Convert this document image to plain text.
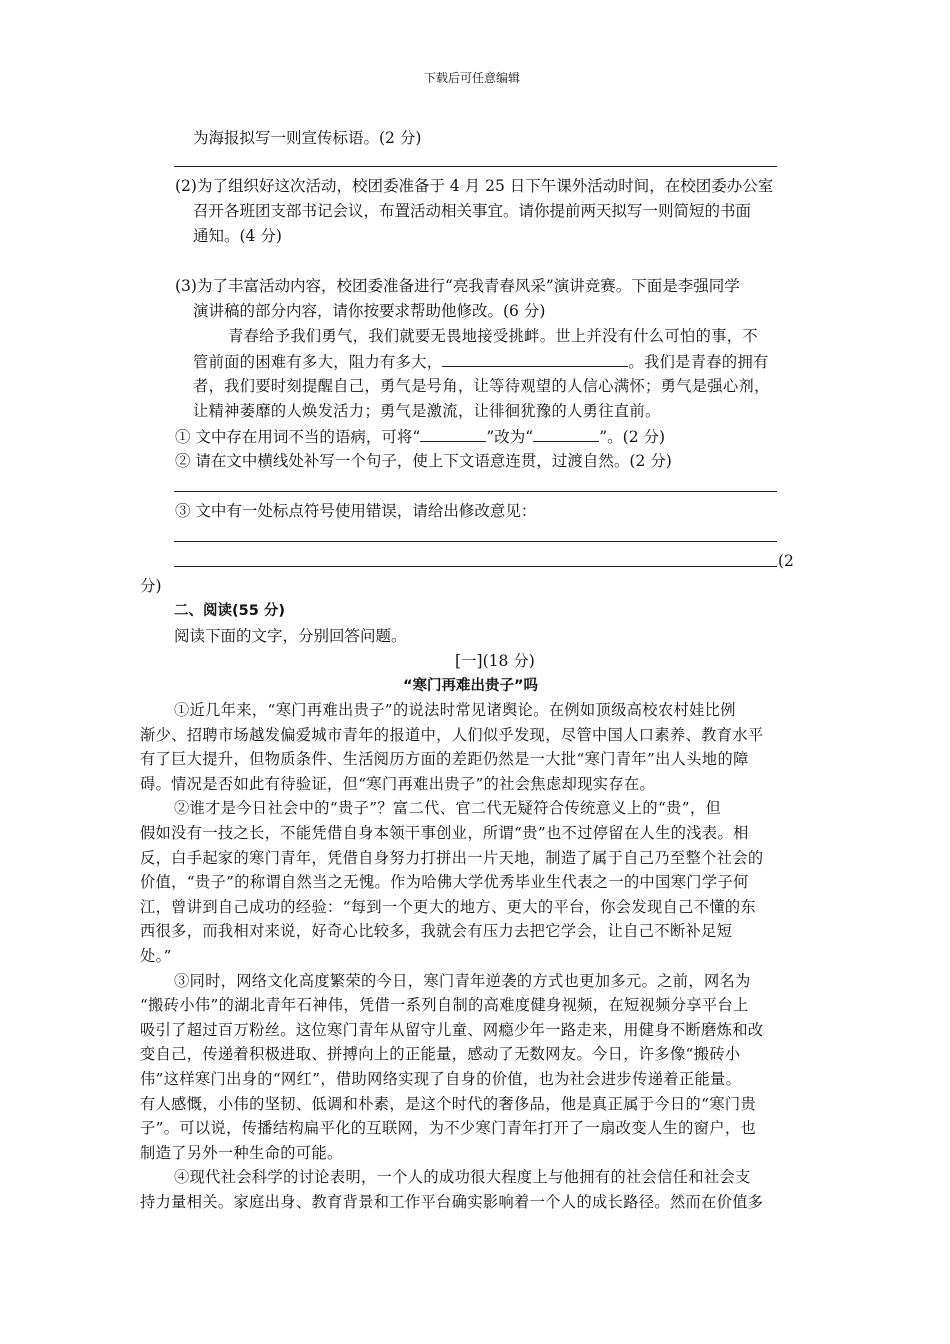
下载后可任意编辑
为海报拟写一则宣传标语。(2 分)
(2)为了组织好这次活动，校团委准备于 4 月 25 日下午课外活动时间，在校团委办公室
召开各班团支部书记会议，布置活动相关事宜。请你提前两天拟写一则简短的书面
通知。(4 分)
(3)为了丰富活动内容，校团委准备进行“亮我青春风采”演讲竞赛。下面是李强同学
演讲稿的部分内容，请你按要求帮助他修改。(6 分)
青春给予我们勇气，我们就要无畏地接受挑衅。世上并没有什么可怕的事，不
管前面的困难有多大，阻力有多大，	。我们是青春的拥有
者，我们要时刻提醒自己，勇气是号角，让等待观望的人信心满怀；勇气是强心剂，
让精神萎靡的人焕发活力；勇气是激流，让徘徊犹豫的人勇往直前。
① 文中存在用词不当的语病，可将“	”改为“	”。(2 分)
② 请在文中横线处补写一个句子，使上下文语意连贯，过渡自然。(2 分)
③ 文中有一处标点符号使用错误，请给出修改意见：
(2
分)
二、阅读(55 分)
阅读下面的文字，分别回答问题。
[一](18 分)
“寒门再难出贵子”吗
①近几年来，“寒门再难出贵子”的说法时常见诸舆论。在例如顶级高校农村娃比例
渐少、招聘市场越发偏爱城市青年的报道中，人们似乎发现，尽管中国人口素养、教育水平
有了巨大提升，但物质条件、生活阅历方面的差距仍然是一大批“寒门青年”出人头地的障
碍。情况是否如此有待验证，但“寒门再难出贵子”的社会焦虑却现实存在。
②谁才是今日社会中的“贵子”？富二代、官二代无疑符合传统意义上的“贵”，但
假如没有一技之长，不能凭借自身本领干事创业，所谓“贵”也不过停留在人生的浅表。相
反，白手起家的寒门青年，凭借自身努力打拼出一片天地，制造了属于自己乃至整个社会的
价值，“贵子”的称谓自然当之无愧。作为哈佛大学优秀毕业生代表之一的中国寒门学子何
江，曾讲到自己成功的经验：“每到一个更大的地方、更大的平台，你会发现自己不懂的东
西很多，而我相对来说，好奇心比较多，我就会有压力去把它学会，让自己不断补足短
处。”
③同时，网络文化高度繁荣的今日，寒门青年逆袭的方式也更加多元。之前，网名为
“搬砖小伟”的湖北青年石神伟，凭借一系列自制的高难度健身视频，在短视频分享平台上
吸引了超过百万粉丝。这位寒门青年从留守儿童、网瘾少年一路走来，用健身不断磨炼和改
变自己，传递着积极进取、拼搏向上的正能量，感动了无数网友。今日，许多像“搬砖小
伟”这样寒门出身的“网红”，借助网络实现了自身的价值，也为社会进步传递着正能量。
有人感慨，小伟的坚韧、低调和朴素，是这个时代的奢侈品，他是真正属于今日的“寒门贵
子”。可以说，传播结构扁平化的互联网，为不少寒门青年打开了一扇改变人生的窗户，也
制造了另外一种生命的可能。
④现代社会科学的讨论表明，一个人的成功很大程度上与他拥有的社会信任和社会支
持力量相关。家庭出身、教育背景和工作平台确实影响着一个人的成长路径。然而在价值多
